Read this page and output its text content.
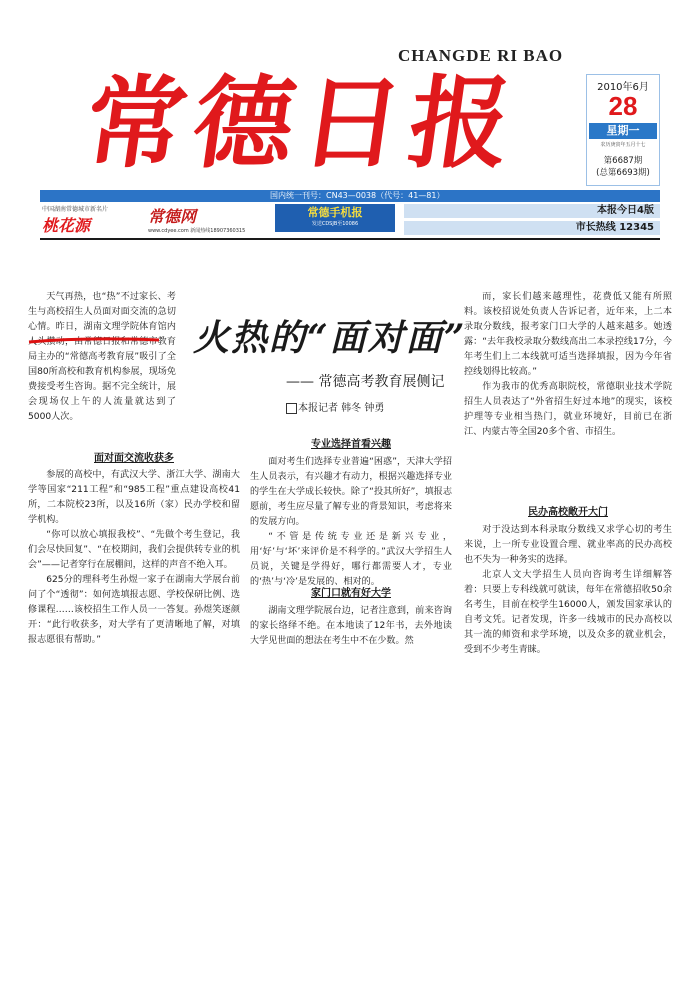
CHANGDE RI BAO
常德日报	2010年6月
28
星期一
农历庚寅年五月十七
第6687期
(总第6693期)
国内统一刊号：CN43—0038（代号：41—81）
中国湖南常德城市新名片
桃花源	常德网
www.cdyee.com 新闻热线18907360315
常德手机报
发送CDSJB至10086
本报今日4版
市长热线 12345
火热的“面对面”
—— 常德高考教育展侧记
本报记者 韩冬 钟勇

天气再热，也“热”不过家长、考生与高校招生人员面对面交流的急切心情。昨日，湖南文理学院体育馆内人头攒动，由常德日报和常德市教育局主办的“常德高考教育展”吸引了全国80所高校和教育机构参展，现场免费接受考生咨询。据不完全统计，展会现场仅上午的人流量就达到了5000人次。

面对面交流收获多

参展的高校中，有武汉大学、浙江大学、湖南大学等国家“211工程”和“985工程”重点建设高校41所，二本院校23所，以及16所（家）民办学校和留学机构。

“你可以放心填报我校”、“先做个考生登记，我们会尽快回复”、“在校期间，我们会提供转专业的机会”——记者穿行在展棚间，这样的声音不绝入耳。

625分的理科考生孙煜一家子在湖南大学展台前问了个“透彻”：如何选填报志愿、学校保研比例、选修课程……该校招生工作人员一一答复。孙煜笑逐颜开：“此行收获多，对大学有了更清晰地了解，对填报志愿很有帮助。”

专业选择首看兴趣

面对考生们选择专业普遍“困惑”，天津大学招生人员表示，有兴趣才有动力，根据兴趣选择专业的学生在大学成长较快。除了“投其所好”，填报志愿前，考生应尽量了解专业的背景知识，考虑将来的发展方向。

“不管是传统专业还是新兴专业，用‘好’与‘坏’来评价是不科学的。”武汉大学招生人员说，关键是学得好，哪行都需要人才，专业的‘热’与‘冷’是发展的、相对的。

家门口就有好大学

湖南文理学院展台边，记者注意到，前来咨询的家长络绎不绝。在本地读了12年书，去外地读大学见世面的想法在考生中不在少数。然

而，家长们越来越理性，花费低又能有所照料。该校招说处负责人告诉记者，近年来，上二本录取分数线，报考家门口大学的人越来越多。她透露：“去年我校录取分数线高出二本录控线17分，今年考生们上二本线就可适当选择填报，因为今年省控线划得比较高。”

作为我市的优秀高职院校，常德职业技术学院招生人员表达了“外省招生好过本地”的现实，该校护理等专业相当热门，就业环境好，目前已在浙江、内蒙古等全国20多个省、市招生。

民办高校敞开大门

对于没达到本科录取分数线又求学心切的考生来说，上一所专业设置合理、就业率高的民办高校也不失为一种务实的选择。

北京人文大学招生人员向咨询考生详细解答着：只要上专科线就可就读，每年在常德招收50余名考生，目前在校学生16000人，颁发国家承认的自考文凭。记者发现，许多一线城市的民办高校以其一流的师资和求学环境，以及众多的就业机会，受到不少考生青睐。
